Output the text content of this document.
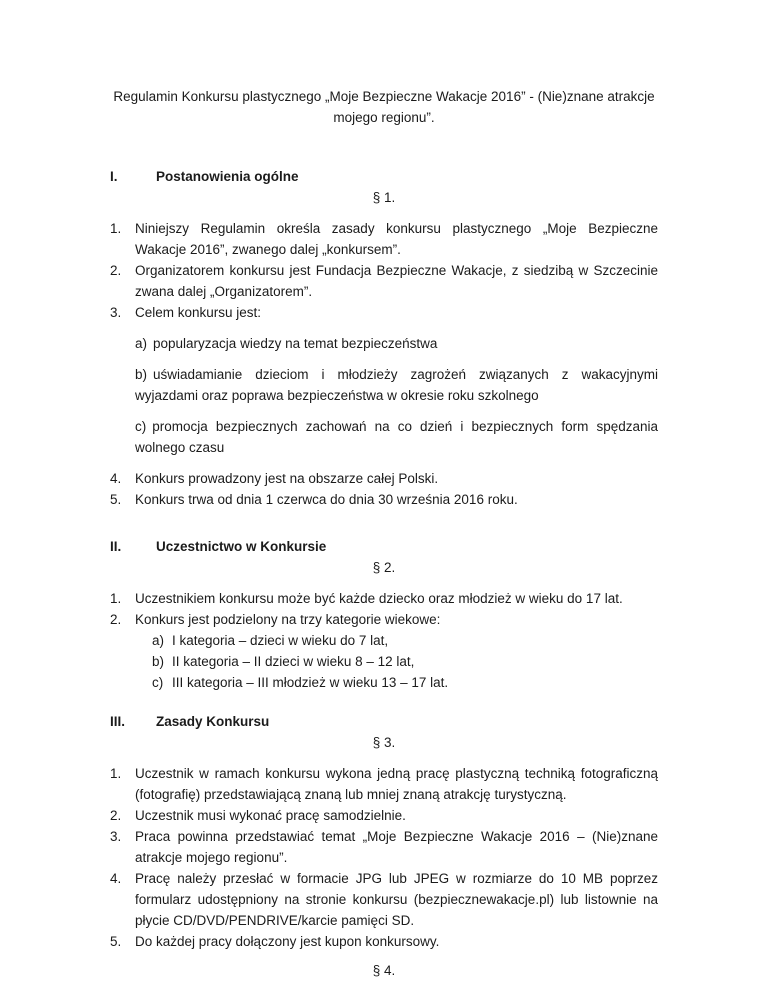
Regulamin Konkursu plastycznego „Moje Bezpieczne Wakacje 2016” - (Nie)znane atrakcje mojego regionu”.

I.	Postanowienia ogólne

§ 1.

1. Niniejszy Regulamin określa zasady konkursu plastycznego „Moje Bezpieczne Wakacje 2016”, zwanego dalej „konkursem”.
2. Organizatorem konkursu jest Fundacja Bezpieczne Wakacje, z siedzibą w Szczecinie zwana dalej „Organizatorem”.
3. Celem konkursu jest:
a) popularyzacja wiedzy na temat bezpieczeństwa
b) uświadamianie dzieciom i młodzieży zagrożeń związanych z wakacyjnymi wyjazdami oraz poprawa bezpieczeństwa w okresie roku szkolnego
c) promocja bezpiecznych zachowań na co dzień i bezpiecznych form spędzania wolnego czasu
4. Konkurs prowadzony jest na obszarze całej Polski.
5. Konkurs trwa od dnia 1 czerwca do dnia 30 września 2016 roku.

II.	Uczestnictwo w Konkursie

§ 2.

1. Uczestnikiem konkursu może być każde dziecko oraz młodzież w wieku do 17 lat.
2. Konkurs jest podzielony na trzy kategorie wiekowe:
a) I kategoria – dzieci w wieku do 7 lat,
b) II kategoria – II dzieci w wieku 8 – 12 lat,
c) III kategoria – III młodzież w wieku 13 – 17 lat.

III. Zasady Konkursu

§ 3.

1. Uczestnik w ramach konkursu wykona jedną pracę plastyczną techniką fotograficzną (fotografię) przedstawiającą znaną lub mniej znaną atrakcję turystyczną.
2. Uczestnik musi wykonać pracę samodzielnie.
3. Praca powinna przedstawiać temat „Moje Bezpieczne Wakacje 2016 – (Nie)znane atrakcje mojego regionu”.
4. Pracę należy przesłać w formacie JPG lub JPEG w rozmiarze do 10 MB poprzez formularz udostępniony na stronie konkursu (bezpiecznewakacje.pl) lub listownie na płycie CD/DVD/PENDRIVE/karcie pamięci SD.
5. Do każdej pracy dołączony jest kupon konkursowy.

§ 4.
